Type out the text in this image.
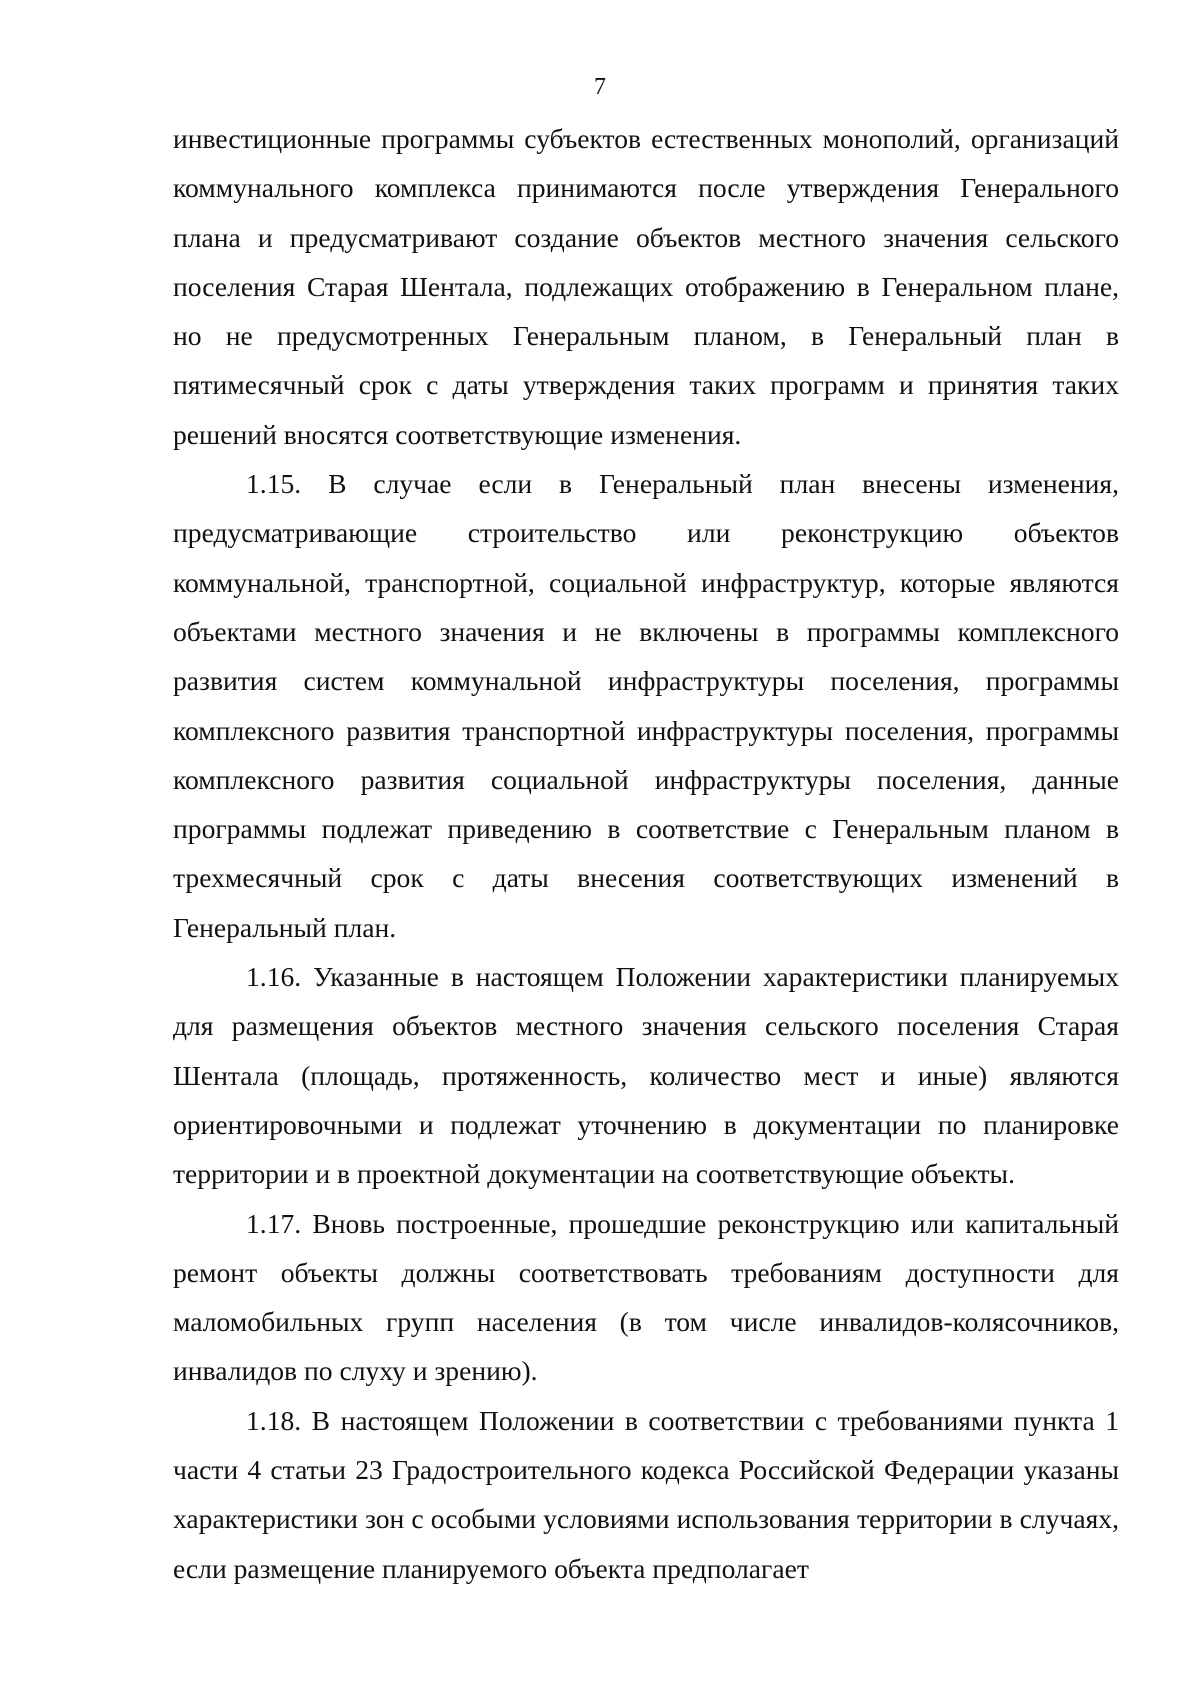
7

инвестиционные программы субъектов естественных монополий, организаций коммунального комплекса принимаются после утверждения Генерального плана и предусматривают создание объектов местного значения сельского поселения Старая Шентала, подлежащих отображению в Генеральном плане, но не предусмотренных Генеральным планом, в Генеральный план в пятимесячный срок с даты утверждения таких программ и принятия таких решений вносятся соответствующие изменения.

1.15. В случае если в Генеральный план внесены изменения, предусматривающие строительство или реконструкцию объектов коммунальной, транспортной, социальной инфраструктур, которые являются объектами местного значения и не включены в программы комплексного развития систем коммунальной инфраструктуры поселения, программы комплексного развития транспортной инфраструктуры поселения, программы комплексного развития социальной инфраструктуры поселения, данные программы подлежат приведению в соответствие с Генеральным планом в трехмесячный срок с даты внесения соответствующих изменений в Генеральный план.

1.16. Указанные в настоящем Положении характеристики планируемых для размещения объектов местного значения сельского поселения Старая Шентала (площадь, протяженность, количество мест и иные) являются ориентировочными и подлежат уточнению в документации по планировке территории и в проектной документации на соответствующие объекты.

1.17. Вновь построенные, прошедшие реконструкцию или капитальный ремонт объекты должны соответствовать требованиям доступности для маломобильных групп населения (в том числе инвалидов-колясочников, инвалидов по слуху и зрению).

1.18. В настоящем Положении в соответствии с требованиями пункта 1 части 4 статьи 23 Градостроительного кодекса Российской Федерации указаны характеристики зон с особыми условиями использования территории в случаях, если размещение планируемого объекта предполагает
